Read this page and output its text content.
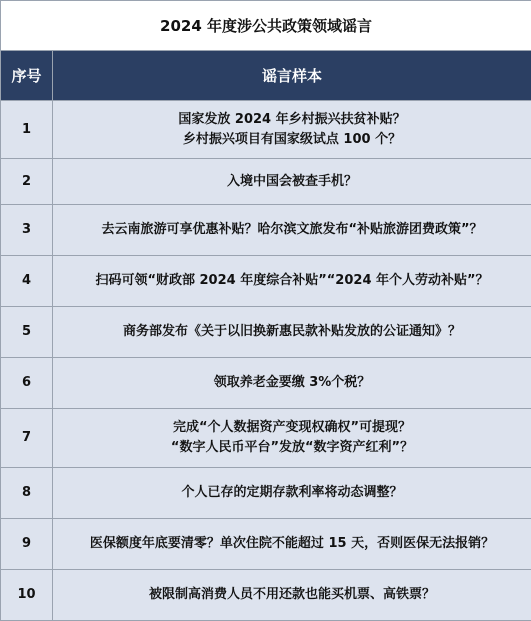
2024 年度涉公共政策领域谣言	
序号	谣言样本
1	国家发放 2024 年乡村振兴扶贫补贴？
乡村振兴项目有国家级试点 100 个？

2	入境中国会被查手机？

3	去云南旅游可享优惠补贴？哈尔滨文旅发布“补贴旅游团费政策”？

4	扫码可领“财政部 2024 年度综合补贴”“2024 年个人劳动补贴”？

5	商务部发布《关于以旧换新惠民款补贴发放的公证通知》？

6	领取养老金要缴 3%个税？

7	完成“个人数据资产变现权确权”可提现？
“数字人民币平台”发放“数字资产红利”？

8	个人已存的定期存款利率将动态调整？

9	医保额度年底要清零？单次住院不能超过 15 天，否则医保无法报销？

10	被限制高消费人员不用还款也能买机票、高铁票？
